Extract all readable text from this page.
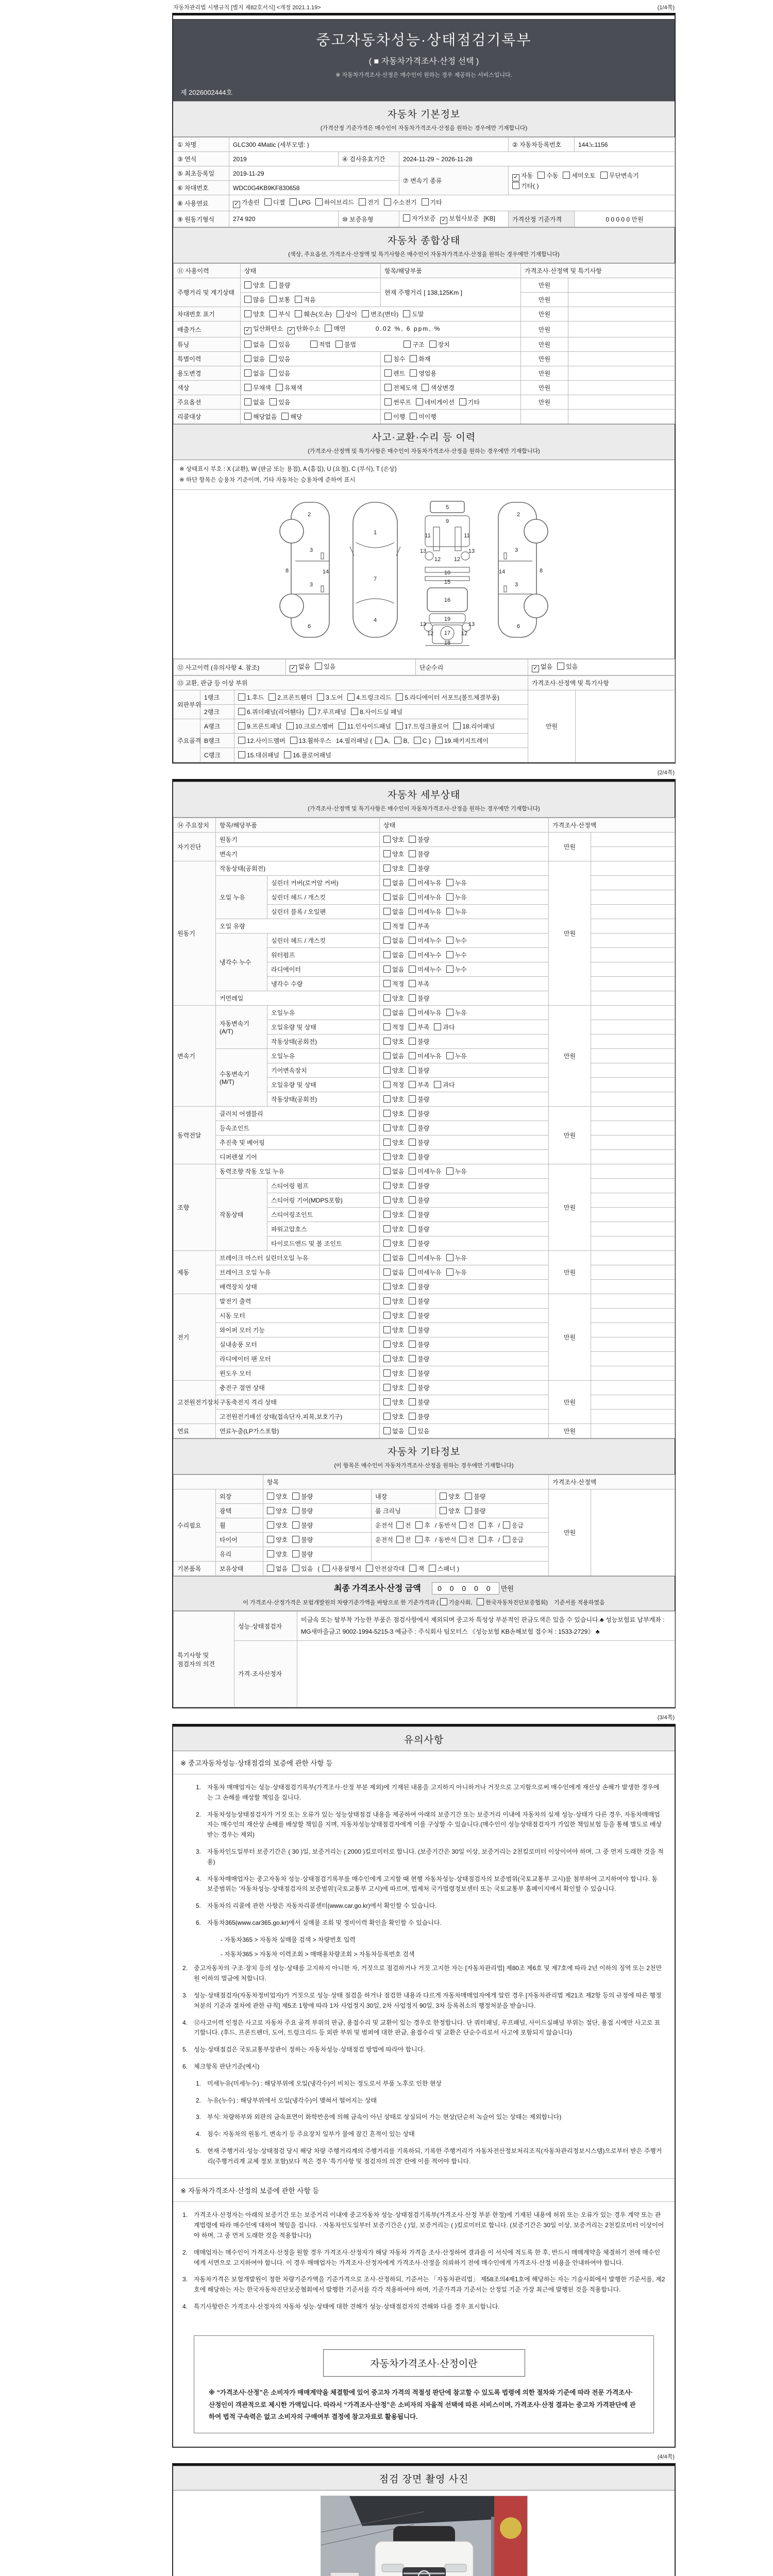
자동차관리법 시행규칙 [별지 제82호서식] <개정 2021.1.19>	(1/4쪽)
중고자동차성능·상태점검기록부
( ■ 자동차가격조사·산정 선택 )
※ 자동차가격조사·산정은 매수인이 원하는 경우 제공하는 서비스입니다.
제 2026002444호
자동차 기본정보
(가격산정 기준가격은 매수인이 자동차가격조사·산정을 원하는 경우에만 기재합니다)
① 차명	GLC300 4Matic (세부모델: )			② 자동차등록번호	144노1156
③ 연식	2019	④ 검사유효기간	2024-11-29 ~ 2026-11-28		
⑤ 최초등록일	2019-11-29		⑦ 변속기 종류	✓ 자동 수동 세미오토 무단변속기기타( )	
⑥ 차대번호	WDC0G4KB9KF830658				
⑧ 사용연료	✓ 가솔린 디젤 LPG 하이브리드 전기 수소전기 기타				
⑨ 원동기형식	274 920	⑩ 보증유형	자가보증 ✓ 보험사보증 [KB]	가격산정 기준가격	0 0 0 0 0 만원
자동차 종합상태
(색상, 주요옵션, 가격조사·산정액 및 특기사항은 매수인이 자동차가격조사·산정을 원하는 경우에만 기재합니다)
⑪ 사용이력	상태	항목/해당부품	가격조사·산정액 및 특기사항	
주행거리 및 계기상태	양호 불량	현재 주행거리 [ 138,125Km ]	만원	
	많음 보통 적음		만원	
차대번호 표기	양호 부식 훼손(오손) 상이 변조(변타) 도말		만원	
배출가스	✓ 일산화탄소 ✓ 탄화수소 매연 0.02 %, 6 ppm, %		만원	
튜닝	없음 있음 적법 불법 구조 장치		만원	
특별이력	없음 있음	침수 화재	만원	
용도변경	없음 있음	렌트 영업용	만원	
색상	무채색 유채색	전체도색 색상변경	만원	
주요옵션	없음 있음	썬루프 네비게이션 기타	만원	
리콜대상	해당없음 해당	이행 미이행		
사고·교환·수리 등 이력
(가격조사·산정액 및 특기사항은 매수인이 자동차가격조사·산정을 원하는 경우에만 기재합니다)
※ 상태표시 부호 : X (교환), W (판금 또는 용접), A (흠집), U (요철), C (부식), T (손상)
※ 하단 항목은 승용차 기준이며, 기타 자동차는 승용차에 준하여 표시
2
8
3
3
14
6
1
7
4
5
9
11	11
13	13
12 12
10
15
16
19
13	13
12	12
17
18
2
8
3
3
14
6
⑫ 사고이력 (유의사항 4. 참조)	✓ 없음 있음	단순수리	✓ 없음 있음
⑬ 교환, 판금 등 이상 부위			가격조사·산정액 및 특기사항	
외판부위	1랭크	1.후드 2.프론트휀더 3.도어 4.트렁크리드 5.라디에이터 서포트(볼트체결부품)	만원	
	2랭크	6.쿼더패널(리어휀다) 7.루프패널 8.사이드실 패널		
주요골격	A랭크	9.프론트패널 10.크로스멤버 11.인사이드패널 17.트렁크플로어 18.리어패널		
	B랭크	12.사이드멤버 13.휠하우스 14.필러패널 ( A, B, C ) 19.패키지트레이		
	C랭크	15.대쉬패널 16.플로어패널		
(2/4쪽)
자동차 세부상태
(가격조사·산정액 및 특기사항은 매수인이 자동차가격조사·산정을 원하는 경우에만 기재합니다)
⑭ 주요장치	항목/해당부품		상태	가격조사·산정액	
자기진단	원동기		양호 불량	만원	
	변속기		양호 불량		
원동기	작동상태(공회전)		양호 불량	만원	
	오일 누유	실린더 커버(로커암 커버)	없음 미세누유 누유		
		실린더 헤드 / 개스킷	없음 미세누유 누유		
		실린더 블록 / 오일팬	없음 미세누유 누유		
	오일 유량		적정 부족		
	냉각수 누수	실린더 헤드 / 개스킷	없음 미세누수 누수		
		워터펌프	없음 미세누수 누수		
		라디에이터	없음 미세누수 누수		
		냉각수 수량	적정 부족		
	커먼레일		양호 불량		
변속기	자동변속기 (A/T)	오일누유	없음 미세누유 누유	만원	
		오일유량 및 상태	적정 부족 과다		
		작동상태(공회전)	양호 불량		
	수동변속기 (M/T)	오일누유	없음 미세누유 누유		
		기어변속장치	양호 불량		
		오일유량 및 상태	적정 부족 과다		
		작동상태(공회전)	양호 불량		
동력전달	클러치 어셈블리		양호 불량	만원	
	등속조인트		양호 불량		
	추진축 및 베어링		양호 불량		
	디퍼렌셜 기어		양호 불량		
조향	동력조향 작동 오일 누유		없음 미세누유 누유	만원	
	작동상태	스티어링 펌프	양호 불량		
		스티어링 기어(MDPS포함)	양호 불량		
		스티어링조인트	양호 불량		
		파워고압호스	양호 불량		
		타이로드엔드 및 볼 조인트	양호 불량		
제동	브레이크 마스터 실린더오일 누유		없음 미세누유 누유	만원	
	브레이크 오일 누유		없음 미세누유 누유		
	배력장치 상태		양호 불량		
전기	발전기 출력		양호 불량	만원	
	시동 모터		양호 불량		
	와이퍼 모터 기능		양호 불량		
	실내송풍 모터		양호 불량		
	라디에이터 팬 모터		양호 불량		
	윈도우 모터		양호 불량		
고전원전기장치	충전구 절연 상태		양호 불량	만원	
	구동축전지 격리 상태		양호 불량		
	고전원전기배선 상태(접속단자,피복,보호기구)		양호 불량		
연료	연료누출(LP가스포함)		없음 있음	만원	
자동차 기타정보
(이 항목은 매수인이 자동차가격조사·산정을 원하는 경우에만 기재합니다)
		항목			가격조사·산정액	
수리필요	외장	양호 불량	내장	양호 불량	만원	
	광택	양호 불량	룸 크리닝	양호 불량		
	휠	양호 불량	운전석 전 후 / 동반석 전 후 / 응급			
	타이어	양호 불량	운전석 전 후 / 동반석 전 후 / 응급			
	유리	양호 불량				
기본품목	보유상태	없음 있음 ( 사용설명서 안전삼각대 잭 스패너 )				
최종 가격조사·산정 금액 0 0 0 0 0 만원
이 가격조사·산정가격은 보험개발원의 차량기준가액을 바탕으로 한 기준가격과 ( 기술사회, 한국자동차진단보증협회) 기준서를 적용하였음
특기사항 및 점검자의 의견	성능·상태점검자	비금속 또는 탈부착 가능한 부품은 점검사항에서 제외되며 중고차 특성상 부분적인 판금도색은 있을 수 있습니다.♣ 성능보험료 납부계좌 : MG새마을금고 9002-1994-5215-3 예금주 : 주식회사 팀모터스 《성능보험 KB손해보험 접수처 : 1533-2729》 ♣
	가격·조사산정자	
(3/4쪽)
유의사항
※ 중고자동차성능·상태점검의 보증에 관한 사항 등
1. 자동차 매매업자는 성능·상태점검기록부(가격조사·산정 부분 제외)에 기재된 내용을 고지하지 아니하거나 거짓으로 고지함으로써 매수인에게 재산상 손해가 발생한 경우에는 그 손해를 배상할 책임을 집니다.
2. 자동차성능상태점검자가 거짓 또는 오류가 있는 성능상태점검 내용을 제공하여 아래의 보증기간 또는 보증거리 이내에 자동차의 실제 성능·상태가 다른 경우, 자동차매매업자는 매수인의 재산상 손해를 배상할 책임을 지며, 자동차성능상태점검자에게 이를 구상할 수 있습니다.(매수인이 성능상태점검자가 가입한 책임보험 등을 통해 별도로 배상받는 경우는 제외)
3. 자동차인도일부터 보증기간은 ( 30 )일, 보증거리는 ( 2000 )킬로미터로 합니다. (보증기간은 30일 이상, 보증거리는 2천킬로미터 이상이어야 하며, 그 중 먼저 도래한 것을 적용)
4. 자동차매매업자는 중고자동차 성능·상태점검기록부를 매수인에게 고지할 때 현행 자동차성능·상태점검자의 보증범위(국토교통부 고시)를 첨부하여 고지하여야 합니다. 동 보증범위는 '자동차성능·상태점검자의 보증범위'(국토교통부 고시)에 따르며, 법제처 국가법령정보센터 또는 국토교통부 홈페이지에서 확인할 수 있습니다.
5. 자동차의 리콜에 관한 사항은 자동차리콜센터(www.car.go.kr)에서 확인할 수 있습니다.
6. 자동차365(www.car365.go.kr)에서 실매물 조회 및 정비이력 확인을 확인할 수 있습니다.
- 자동차365 > 자동차 실매물 검색 > 차량번호 입력
- 자동차365 > 자동차 이력조회 > 매매용차량조회 > 자동차등록번호 검색
2. 중고자동차의 구조·장치 등의 성능·상태를 고지하지 아니한 자, 거짓으로 점검하거나 거짓 고지한 자는 [자동차관리법] 제80조 제6호 및 제7호에 따라 2년 이하의 징역 또는 2천만원 이하의 벌금에 처합니다.
3. 성능·상태점검자(자동차정비업자)가 거짓으로 성능·상태 점검을 하거나 점검한 내용과 다르게 자동차매매업자에게 알린 경우 [자동차관리법 제21조 제2항 등의 규정에 따른 행정처분의 기준과 절차에 관한 규칙] 제5조 1항에 따라 1차 사업정지 30일, 2차 사업정지 90일, 3차 등록취소의 행정처분을 받습니다.
4. ⑫사고이력 인정은 사고로 자동차 주요 골격 부위의 판금, 용접수리 및 교환이 있는 경우로 한정합니다. 단 쿼터패널, 루프패널, 사이드실패널 부위는 절단, 용접 시에만 사고로 표기합니다. (후드, 프론트펜더, 도어, 트렁크리드 등 외판 부위 및 범퍼에 대한 판금, 용접수리 및 교환은 단순수리로서 사고에 포함되지 않습니다)
5. 성능·상태점검은 국토교통부장관이 정하는 자동차성능·상태점검 방법에 따라야 합니다.
6. 체크항목 판단기준(예시)
1. 미세누유(미세누수) : 해당부위에 오일(냉각수)이 비치는 정도로서 부품 노후로 인한 현상
2. 누유(누수) : 해당부위에서 오일(냉각수)이 맺혀서 떨어지는 상태
3. 부식: 차량하부와 외판의 금속표면이 화학반응에 의해 금속이 아닌 상태로 상실되어 가는 현상(단순히 녹슬어 있는 상태는 제외합니다)
4. 침수: 자동차의 원동기, 변속기 등 주요장치 일부가 물에 잠긴 흔적이 있는 상태
5. 현재 주행거리·성능·상태점검 당시 해당 차량 주행거리계의 주행거리를 기록하되, 기록한 주행거리가 자동차전산정보처리조직(자동차관리정보시스템)으로부터 받은 주행거리(주행거리계 교체 정보 포함)보다 적은 경우 '특기사항 및 점검자의 의견' 란에 이를 적어야 합니다.
※ 자동차가격조사·산정의 보증에 관한 사항 등
1. 가격조사·산정자는 아래의 보증기간 또는 보증거리 이내에 중고자동차 성능·상태점검기록부(가격조사·산정 부분 한정)에 기재된 내용에 허위 또는 오류가 있는 경우 계약 또는 관계법령에 따라 매수인에 대하여 책임을 집니다. · 자동차인도일부터 보증기간은 ( )일, 보증거리는 ( )킬로미터로 합니다. (보증기간은 30일 이상, 보증거리는 2천킬로미터 이상이어야 하며, 그 중 먼저 도래한 것을 적용합니다)
2. 매매업자는 매수인이 가격조사·산정을 원할 경우 가격조사·산정자가 해당 자동차 가격을 조사·산정하여 결과를 이 서식에 적도록 한 후, 반드시 매매계약을 체결하기 전에 매수인에게 서면으로 고지하여야 합니다. 이 경우 매매업자는 가격조사·산정자에게 가격조사·산정을 의뢰하기 전에 매수인에게 가격조사·산정 비용을 안내하여야 합니다.
3. 자동차가격은 보험개발원이 정한 차량기준가액을 기준가격으로 조사·산정하되, 기준서는 「자동차관리법」 제58조의4제1호에 해당하는 자는 기술사회에서 발행한 기준서를, 제2호에 해당하는 자는 한국자동차진단보증협회에서 발행한 기준서를 각각 적용하여야 하며, 기준가격과 기준서는 산정일 기준 가장 최근에 발행된 것을 적용합니다.
4. 특기사항란은 가격조사·산정자의 자동차 성능·상태에 대한 견해가 성능·상태점검자의 견해와 다를 경우 표시합니다.
자동차가격조사·산정이란
※ “가격조사·산정”은 소비자가 매매계약을 체결함에 있어 중고차 가격의 적절성 판단에 참고할 수 있도록 법령에 의한 절차와 기준에 따라 전문 가격조사·산정인이 객관적으로 제시한 가액입니다. 따라서 “가격조사·산정”은 소비자의 자율적 선택에 따른 서비스이며, 가격조사·산정 결과는 중고차 가격판단에 관하여 법적 구속력은 없고 소비자의 구매여부 결정에 참고자료로 활용됩니다.
(4/4쪽)
점검 장면 촬영 사진
